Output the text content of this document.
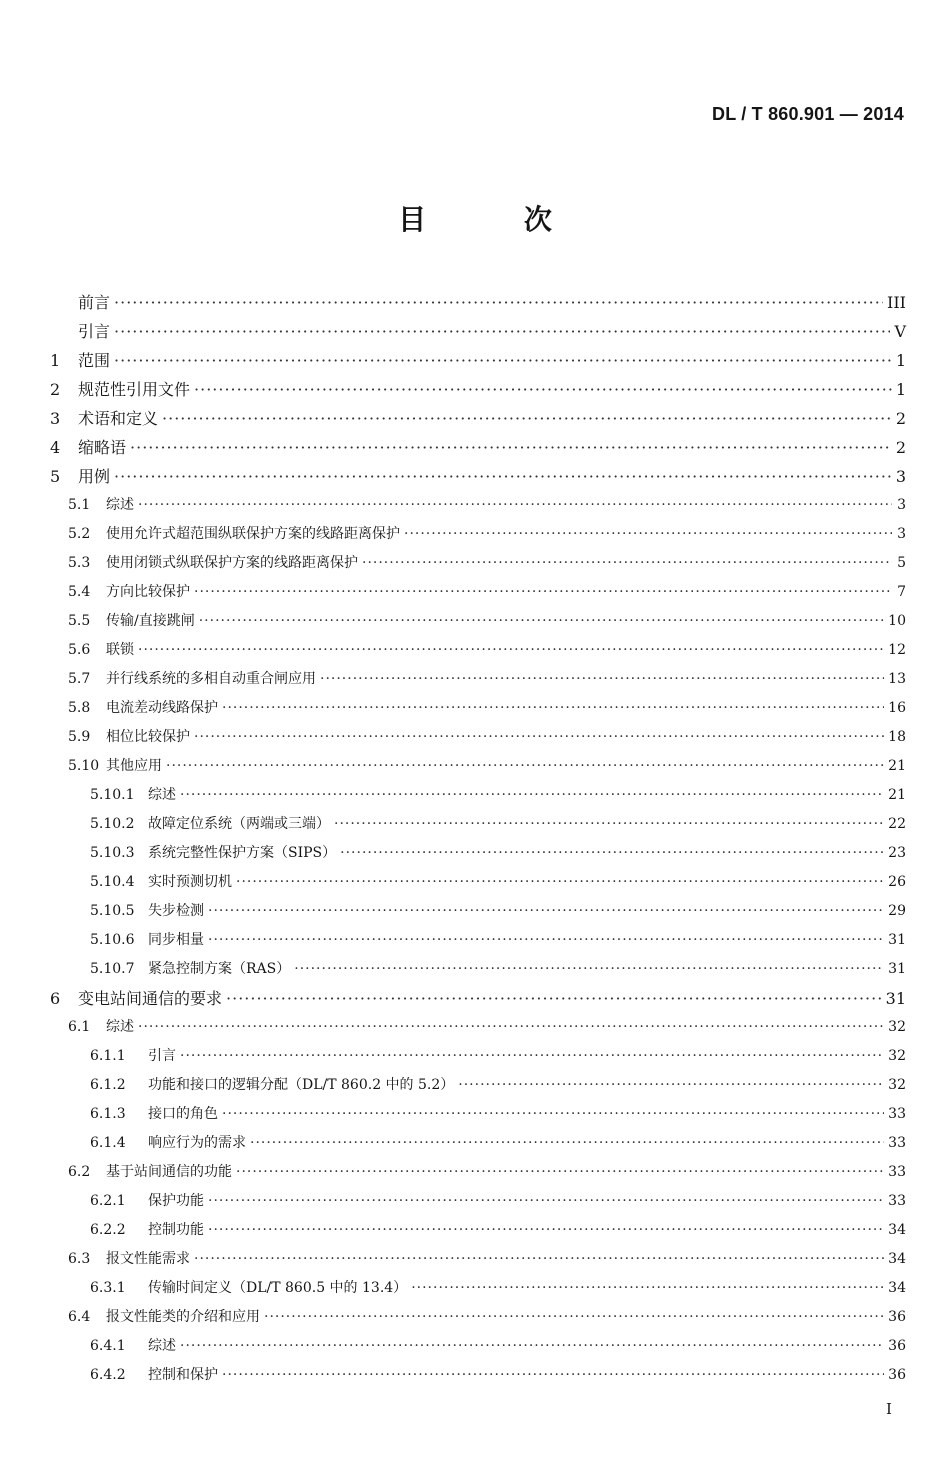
DL / T 860.901 — 2014
目 次
前言 ·····	III
引言 ·····	V
1	范围 ·····	1
2	规范性引用文件 ·····	1
3	术语和定义 ·····	2
4	缩略语 ·····	2
5	用例 ·····	3
5.1	综述 ·····	3
5.2	使用允许式超范围纵联保护方案的线路距离保护 ·····	3
5.3	使用闭锁式纵联保护方案的线路距离保护 ·····	5
5.4	方向比较保护 ·····	7
5.5	传输/直接跳闸 ·····	10
5.6	联锁 ·····	12
5.7	并行线系统的多相自动重合闸应用 ·····	13
5.8	电流差动线路保护 ·····	16
5.9	相位比较保护 ·····	18
5.10 其他应用 ·····	21
5.10.1 综述 ·····	21
5.10.2 故障定位系统（两端或三端） ·····	22
5.10.3 系统完整性保护方案（SIPS） ·····	23
5.10.4 实时预测切机 ·····	26
5.10.5 失步检测 ·····	29
5.10.6 同步相量 ·····	31
5.10.7 紧急控制方案（RAS） ·····	31
6	变电站间通信的要求 ·····	31
6.1	综述 ·····	32
6.1.1	引言 ·····	32
6.1.2	功能和接口的逻辑分配（DL/T 860.2 中的 5.2） ·····	32
6.1.3	接口的角色 ·····	33
6.1.4	响应行为的需求 ·····	33
6.2	基于站间通信的功能 ·····	33
6.2.1	保护功能 ·····	33
6.2.2	控制功能 ·····	34
6.3	报文性能需求 ·····	34
6.3.1	传输时间定义（DL/T 860.5 中的 13.4） ·····	34
6.4	报文性能类的介绍和应用 ·····	36
6.4.1	综述 ·····	36
6.4.2	控制和保护 ·····	36
I
